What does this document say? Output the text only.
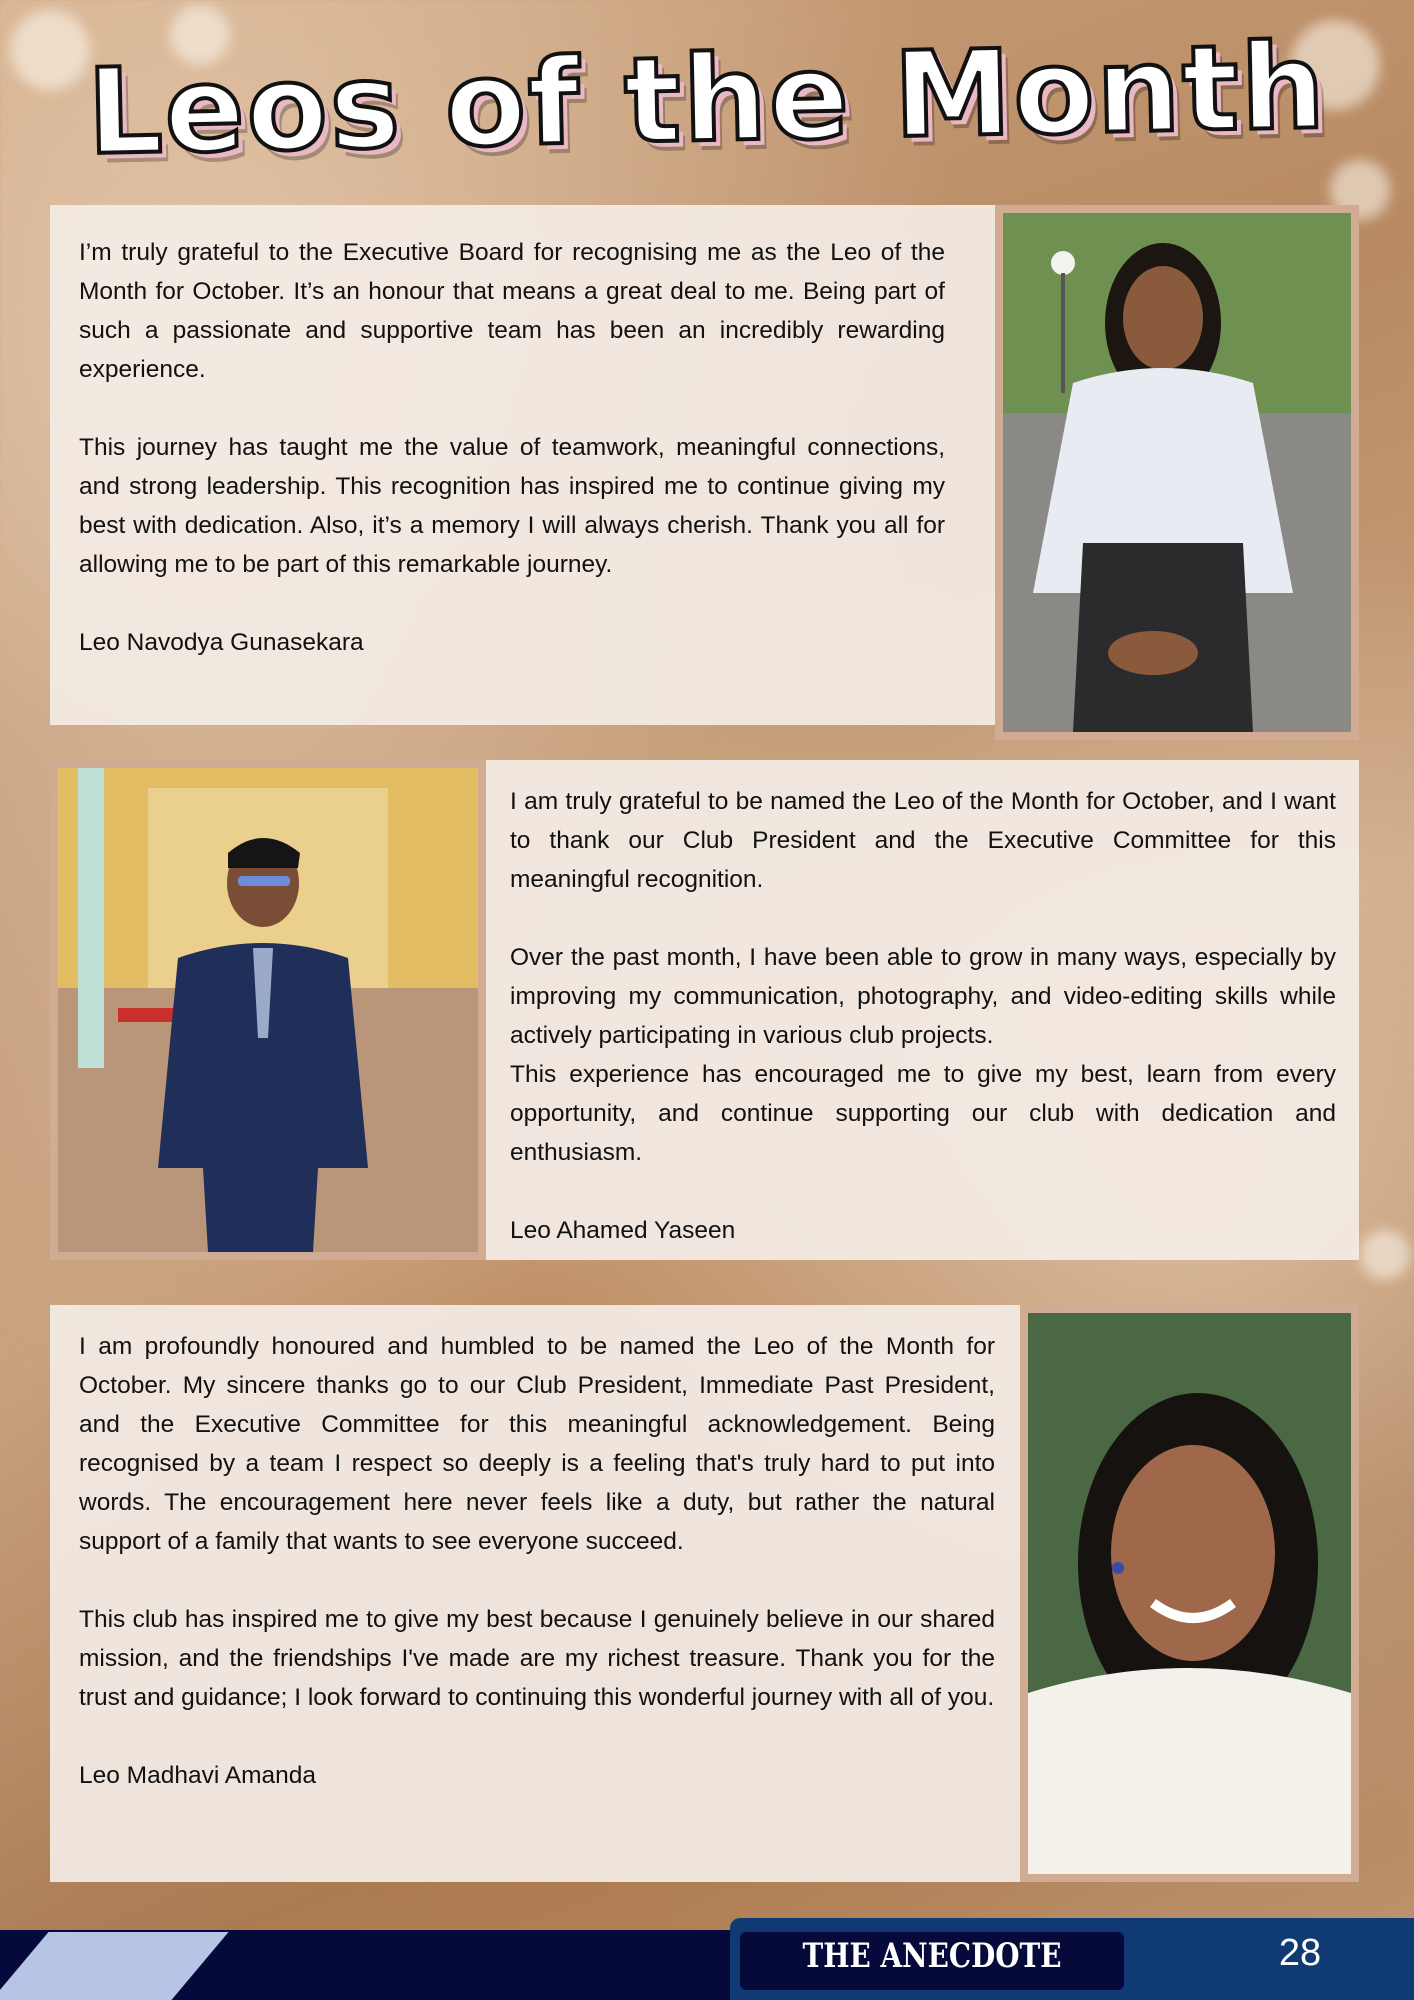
Leos of the Month

I’m truly grateful to the Executive Board for recognising me as the Leo of the Month for October. It’s an honour that means a great deal to me. Being part of such a passionate and supportive team has been an incredibly rewarding experience.

This journey has taught me the value of teamwork, meaningful connections, and strong leadership. This recognition has inspired me to continue giving my best with dedication. Also, it’s a memory I will always cherish. Thank you all for allowing me to be part of this remarkable journey.

Leo Navodya Gunasekara

I am truly grateful to be named the Leo of the Month for October, and I want to thank our Club President and the Executive Committee for this meaningful recognition.

Over the past month, I have been able to grow in many ways, especially by improving my communication, photography, and video-editing skills while actively participating in various club projects.

This experience has encouraged me to give my best, learn from every opportunity, and continue supporting our club with dedication and enthusiasm.

Leo Ahamed Yaseen

I am profoundly honoured and humbled to be named the Leo of the Month for October. My sincere thanks go to our Club President, Immediate Past President, and the Executive Committee for this meaningful acknowledgement. Being recognised by a team I respect so deeply is a feeling that's truly hard to put into words. The encouragement here never feels like a duty, but rather the natural support of a family that wants to see everyone succeed.

This club has inspired me to give my best because I genuinely believe in our shared mission, and the friendships I've made are my richest treasure. Thank you for the trust and guidance; I look forward to continuing this wonderful journey with all of you.

Leo Madhavi Amanda

THE ANECDOTE	28
